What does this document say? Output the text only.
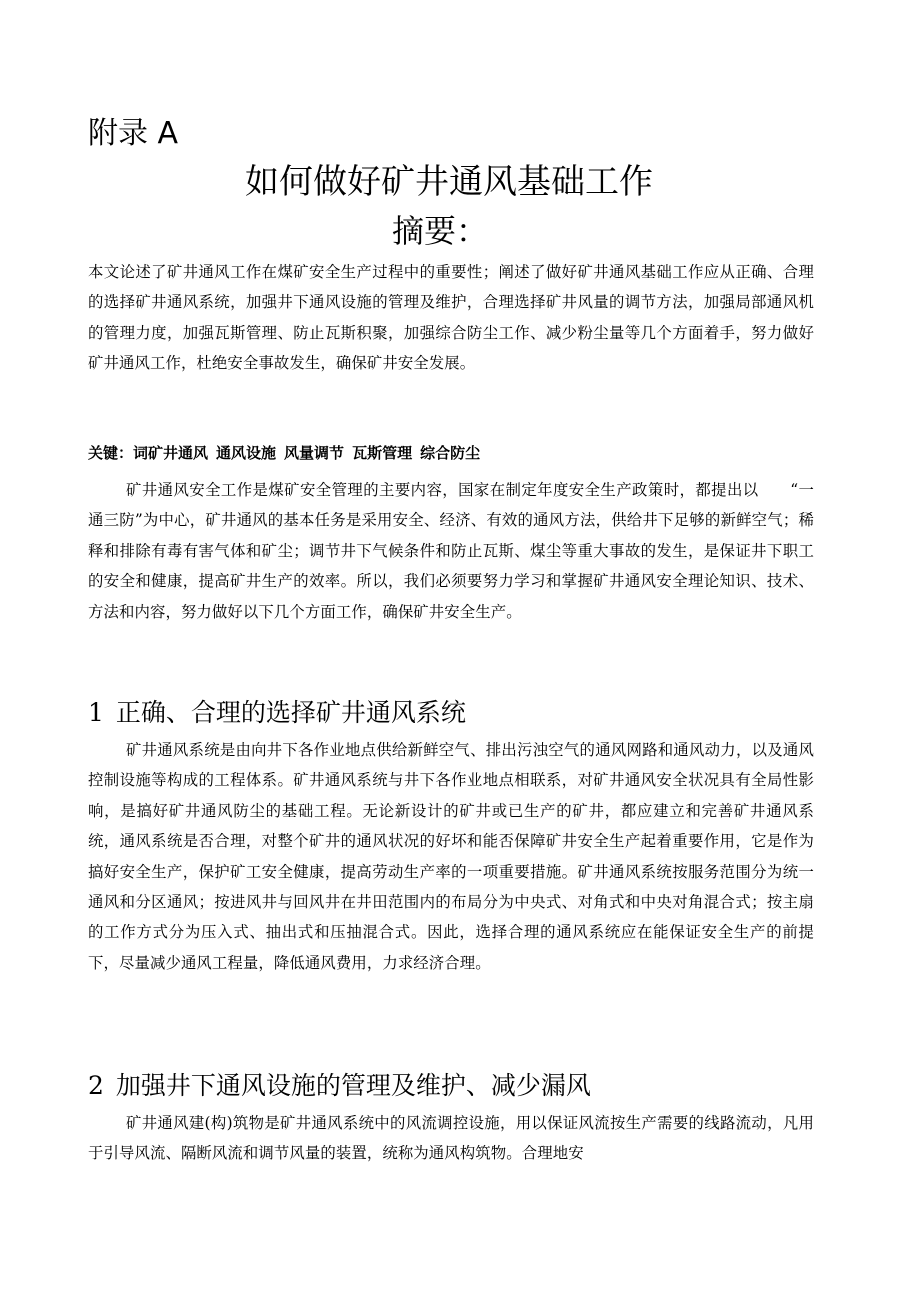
附录 A
如何做好矿井通风基础工作
摘要：

本文论述了矿井通风工作在煤矿安全生产过程中的重要性；阐述了做好矿井通风基础工作应从正确、合理的选择矿井通风系统，加强井下通风设施的管理及维护，合理选择矿井风量的调节方法，加强局部通风机的管理力度，加强瓦斯管理、防止瓦斯积聚，加强综合防尘工作、减少粉尘量等几个方面着手，努力做好矿井通风工作，杜绝安全事故发生，确保矿井安全发展。

关键：词矿井通风 通风设施 风量调节 瓦斯管理 综合防尘

矿井通风安全工作是煤矿安全管理的主要内容，国家在制定年度安全生产政策时，都提出以　　“一通三防”为中心，矿井通风的基本任务是采用安全、经济、有效的通风方法，供给井下足够的新鲜空气；稀释和排除有毒有害气体和矿尘；调节井下气候条件和防止瓦斯、煤尘等重大事故的发生，是保证井下职工的安全和健康，提高矿井生产的效率。所以，我们必须要努力学习和掌握矿井通风安全理论知识、技术、方法和内容，努力做好以下几个方面工作，确保矿井安全生产。

1 正确、合理的选择矿井通风系统

矿井通风系统是由向井下各作业地点供给新鲜空气、排出污浊空气的通风网路和通风动力，以及通风控制设施等构成的工程体系。矿井通风系统与井下各作业地点相联系，对矿井通风安全状况具有全局性影响，是搞好矿井通风防尘的基础工程。无论新设计的矿井或已生产的矿井，都应建立和完善矿井通风系统，通风系统是否合理，对整个矿井的通风状况的好坏和能否保障矿井安全生产起着重要作用，它是作为搞好安全生产，保护矿工安全健康，提高劳动生产率的一项重要措施。矿井通风系统按服务范围分为统一通风和分区通风；按进风井与回风井在井田范围内的布局分为中央式、对角式和中央对角混合式；按主扇的工作方式分为压入式、抽出式和压抽混合式。因此，选择合理的通风系统应在能保证安全生产的前提下，尽量减少通风工程量，降低通风费用，力求经济合理。

2 加强井下通风设施的管理及维护、减少漏风

矿井通风建(构)筑物是矿井通风系统中的风流调控设施，用以保证风流按生产需要的线路流动，凡用于引导风流、隔断风流和调节风量的装置，统称为通风构筑物。合理地安
